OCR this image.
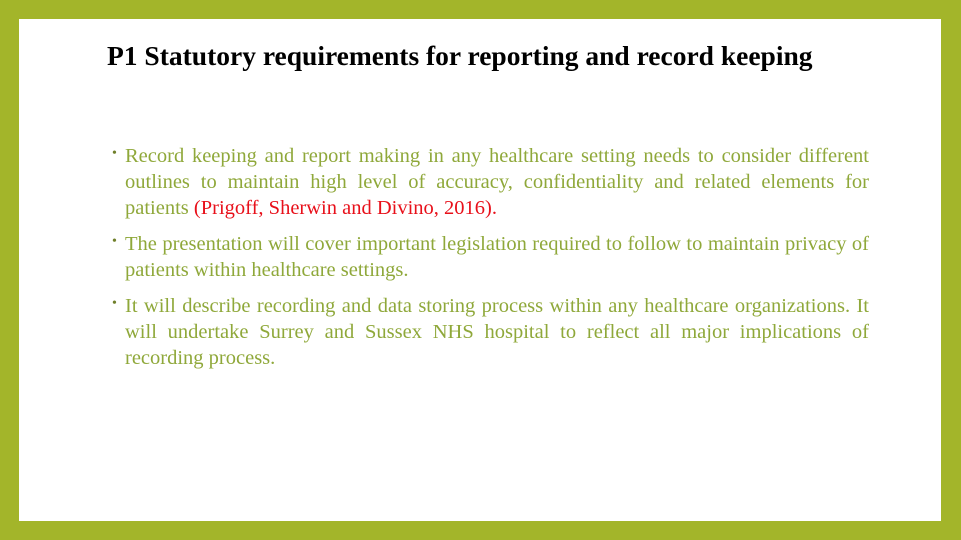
P1 Statutory requirements for reporting and record keeping
• Record keeping and report making in any healthcare setting needs to consider different outlines to maintain high level of accuracy, confidentiality and related elements for patients (Prigoff, Sherwin and Divino, 2016).
• The presentation will cover important legislation required to follow to maintain privacy of patients within healthcare settings.
• It will describe recording and data storing process within any healthcare organizations. It will undertake Surrey and Sussex NHS hospital to reflect all major implications of recording process.
